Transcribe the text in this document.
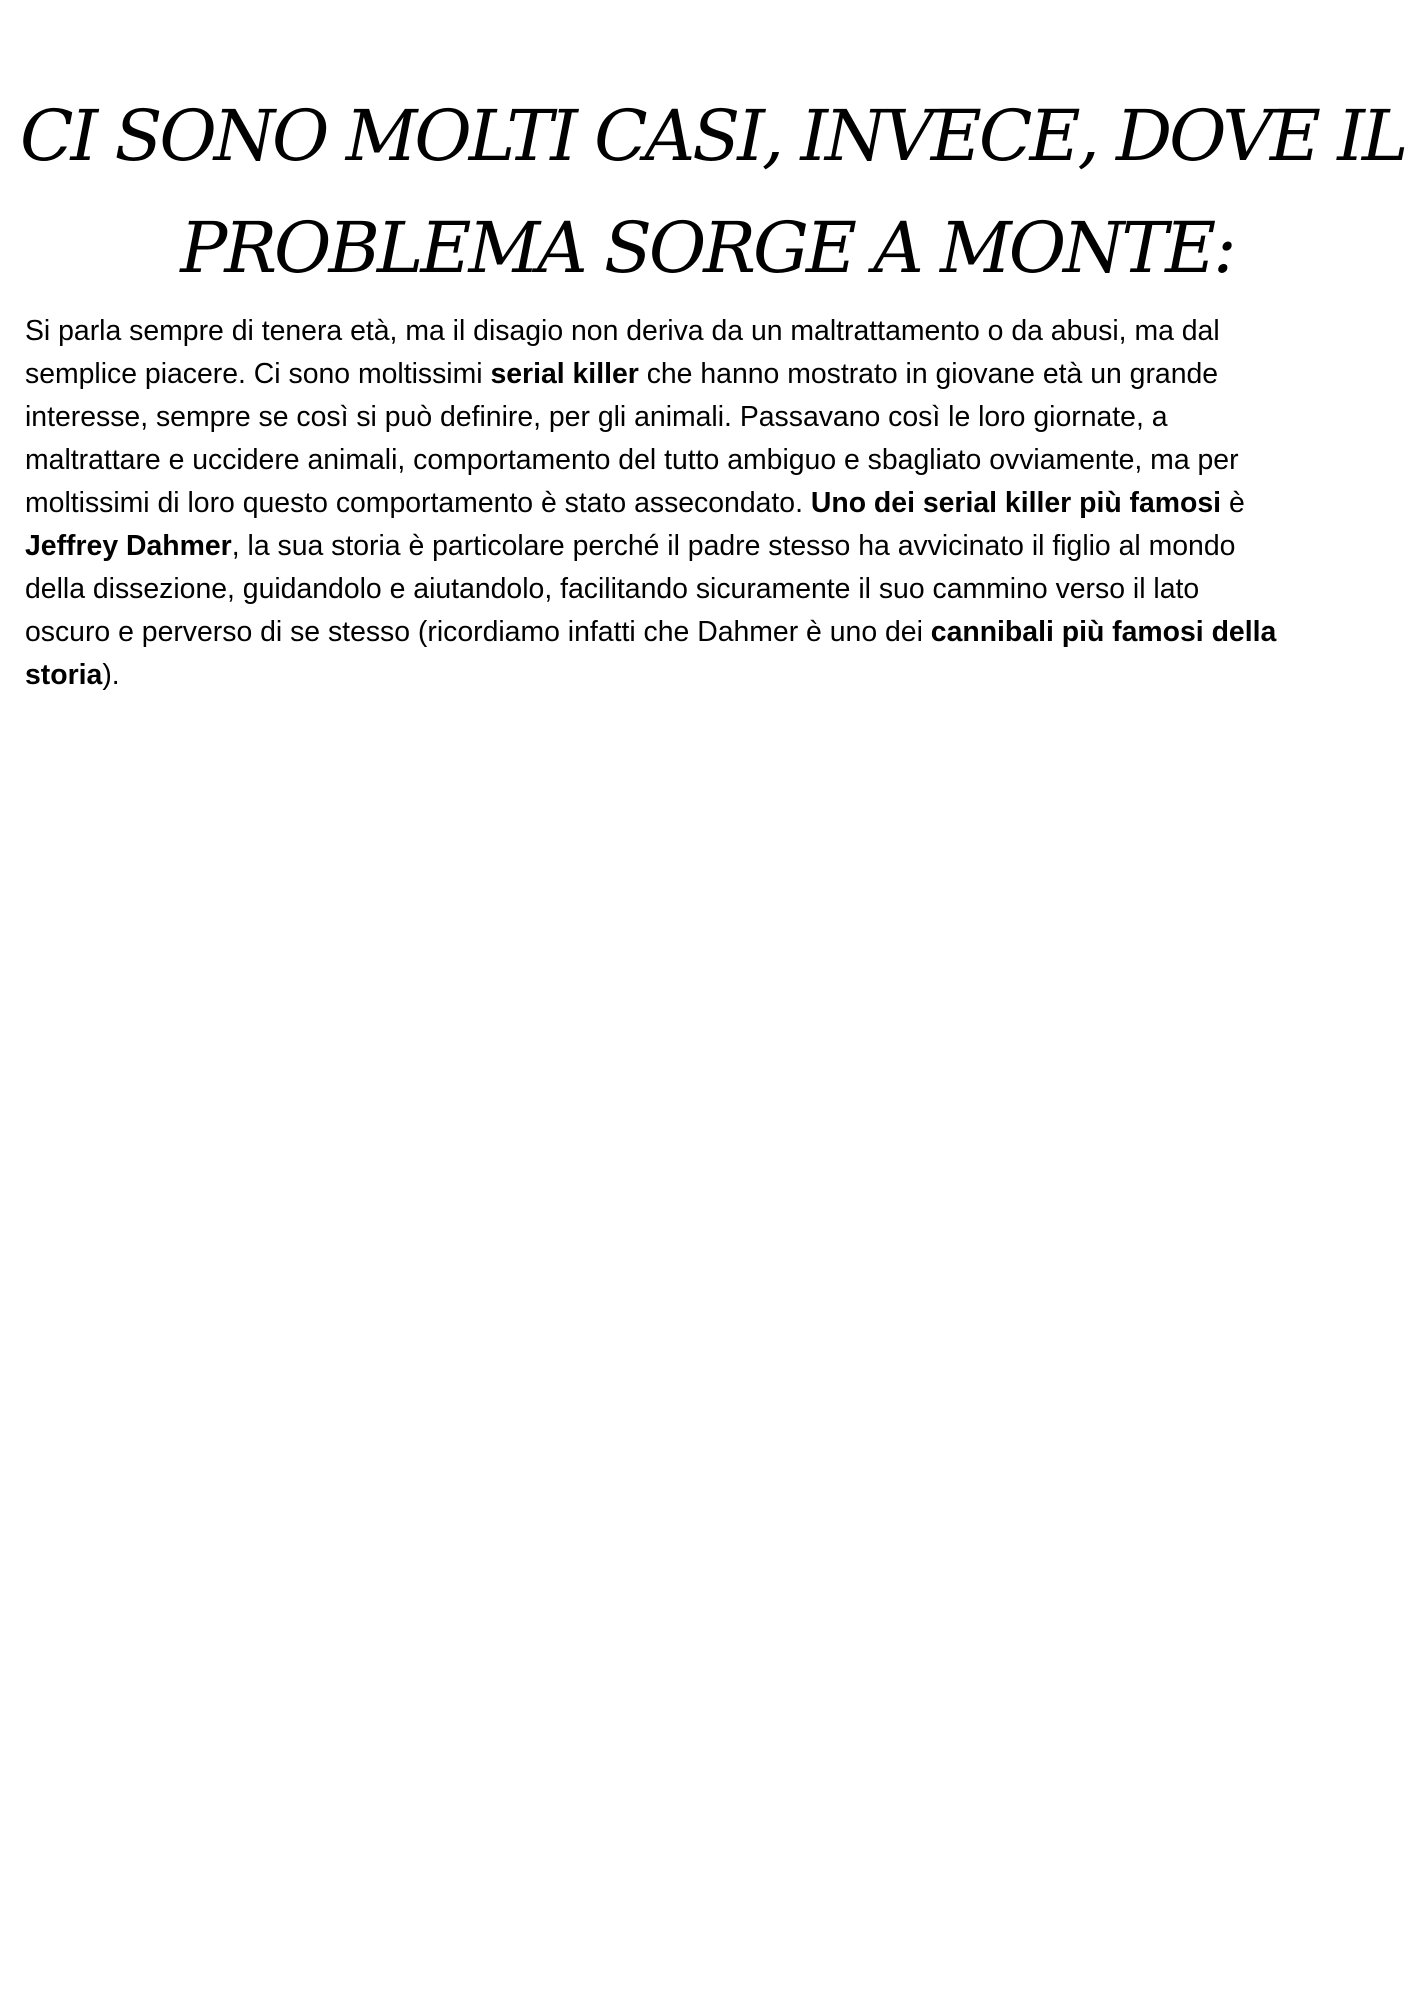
CI SONO MOLTI CASI, INVECE, DOVE IL
PROBLEMA SORGE A MONTE:

Si parla sempre di tenera età, ma il disagio non deriva da un maltrattamento o da abusi, ma dal
semplice piacere. Ci sono moltissimi serial killer che hanno mostrato in giovane età un grande
interesse, sempre se così si può definire, per gli animali. Passavano così le loro giornate, a
maltrattare e uccidere animali, comportamento del tutto ambiguo e sbagliato ovviamente, ma per
moltissimi di loro questo comportamento è stato assecondato. Uno dei serial killer più famosi è
Jeffrey Dahmer, la sua storia è particolare perché il padre stesso ha avvicinato il figlio al mondo
della dissezione, guidandolo e aiutandolo, facilitando sicuramente il suo cammino verso il lato
oscuro e perverso di se stesso (ricordiamo infatti che Dahmer è uno dei cannibali più famosi della
storia).
